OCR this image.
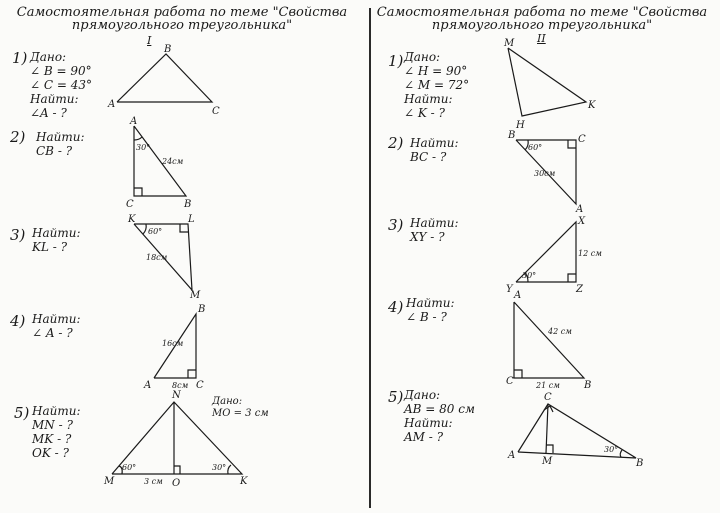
Самостоятельная работа по теме "Свойства
прямоугольного треугольника"
I
1) Дано:
∠ B = 90°
∠ C = 43°
Найти:
∠A - ?
A
B
C
2) Найти:
CB - ?
A
C	B
30°
24см
3) Найти:
KL - ?
K	L
M
60°
18см
4) Найти:
∠ A - ?
B
A	C
16см
8см
5) Найти:
MN - ?
MK - ?
OK - ?
Дано:
MO = 3 см
M
N
O	K
60°	30°
3 см
Самостоятельная работа по теме "Свойства
прямоугольного треугольника"
II
1) Дано:
∠ H = 90°
∠ M = 72°
Найти:
∠ K - ?
M
H
K
2) Найти:
BC - ?
B	C
A
60°
30см
3) Найти:
XY - ?
X
Y	Z
30°
12 см
4) Найти:
∠ B - ?
A
C	B
42 см
21 см
5) Дано:
AB = 80 см
Найти:
AM - ?
C
A
M	B
30°
